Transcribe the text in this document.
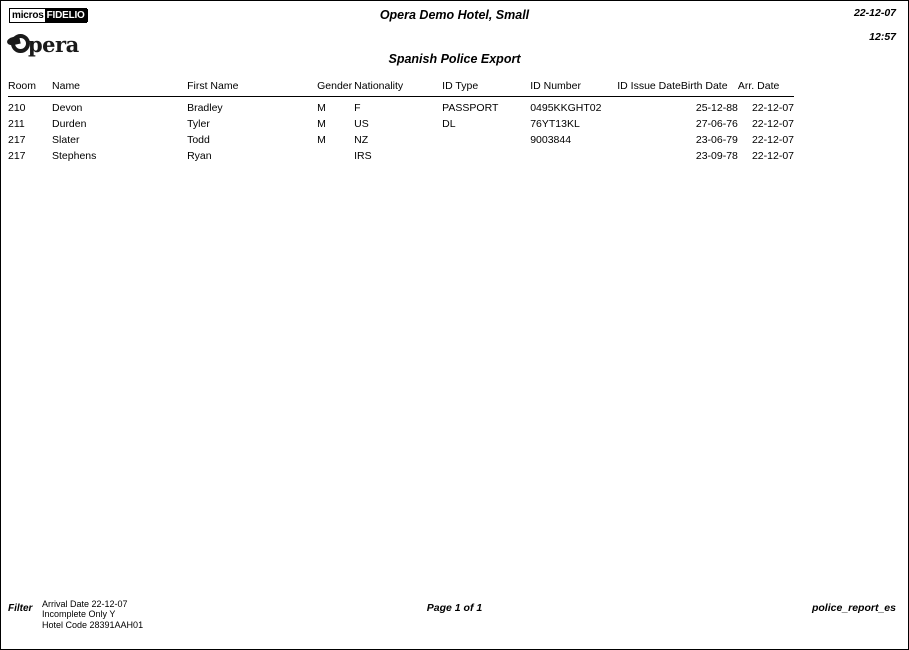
micros FIDELIO
pera
Opera Demo Hotel, Small	22-12-07
12:57
Spanish Police Export
Room	Name	First Name	Gender	Nationality	ID Type	ID Number	ID Issue Date	Birth Date	Arr. Date
210	Devon	Bradley	M	F	PASSPORT	0495KKGHT02		25-12-88	22-12-07
211	Durden	Tyler	M	US	DL	76YT13KL		27-06-76	22-12-07
217	Slater	Todd	M	NZ		9003844		23-06-79	22-12-07
217	Stephens	Ryan		IRS				23-09-78	22-12-07
Filter Arrival Date 22-12-07
Incomplete Only Y
Hotel Code 28391AAH01
Page 1 of 1	police_report_es
